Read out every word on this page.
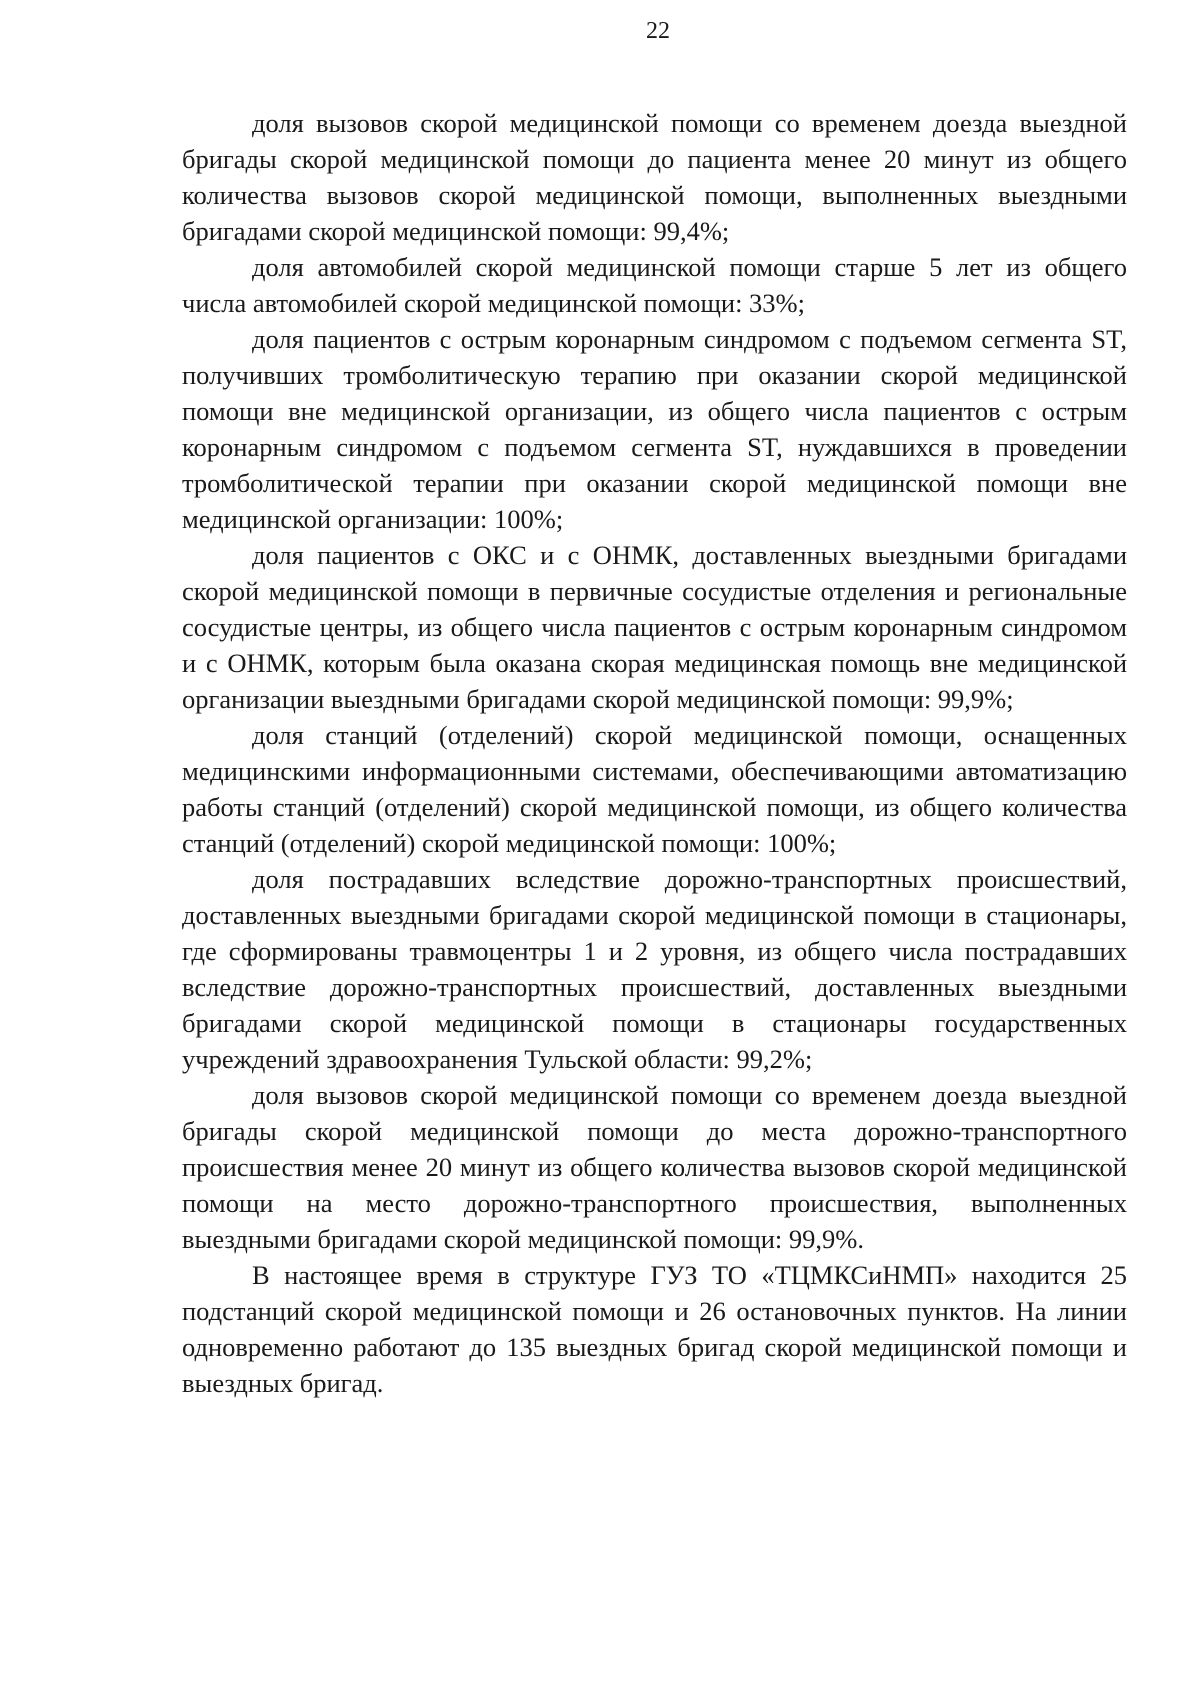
22

доля вызовов скорой медицинской помощи со временем доезда выездной бригады скорой медицинской помощи до пациента менее 20 минут из общего количества вызовов скорой медицинской помощи, выполненных выездными бригадами скорой медицинской помощи: 99,4%;

доля автомобилей скорой медицинской помощи старше 5 лет из общего числа автомобилей скорой медицинской помощи: 33%;

доля пациентов с острым коронарным синдромом с подъемом сегмента ST, получивших тромболитическую терапию при оказании скорой медицинской помощи вне медицинской организации, из общего числа пациентов с острым коронарным синдромом с подъемом сегмента ST, нуждавшихся в проведении тромболитической терапии при оказании скорой медицинской помощи вне медицинской организации: 100%;

доля пациентов с ОКС и с ОНМК, доставленных выездными бригадами скорой медицинской помощи в первичные сосудистые отделения и региональные сосудистые центры, из общего числа пациентов с острым коронарным синдромом и с ОНМК, которым была оказана скорая медицинская помощь вне медицинской организации выездными бригадами скорой медицинской помощи: 99,9%;

доля станций (отделений) скорой медицинской помощи, оснащенных медицинскими информационными системами, обеспечивающими автоматизацию работы станций (отделений) скорой медицинской помощи, из общего количества станций (отделений) скорой медицинской помощи: 100%;

доля пострадавших вследствие дорожно-транспортных происшествий, доставленных выездными бригадами скорой медицинской помощи в стационары, где сформированы травмоцентры 1 и 2 уровня, из общего числа пострадавших вследствие дорожно-транспортных происшествий, доставленных выездными бригадами скорой медицинской помощи в стационары государственных учреждений здравоохранения Тульской области: 99,2%;

доля вызовов скорой медицинской помощи со временем доезда выездной бригады скорой медицинской помощи до места дорожно-транспортного происшествия менее 20 минут из общего количества вызовов скорой медицинской помощи на место дорожно-транспортного происшествия, выполненных выездными бригадами скорой медицинской помощи: 99,9%.

В настоящее время в структуре ГУЗ ТО «ТЦМКСиНМП» находится 25 подстанций скорой медицинской помощи и 26 остановочных пунктов. На линии одновременно работают до 135 выездных бригад скорой медицинской помощи и выездных бригад.
